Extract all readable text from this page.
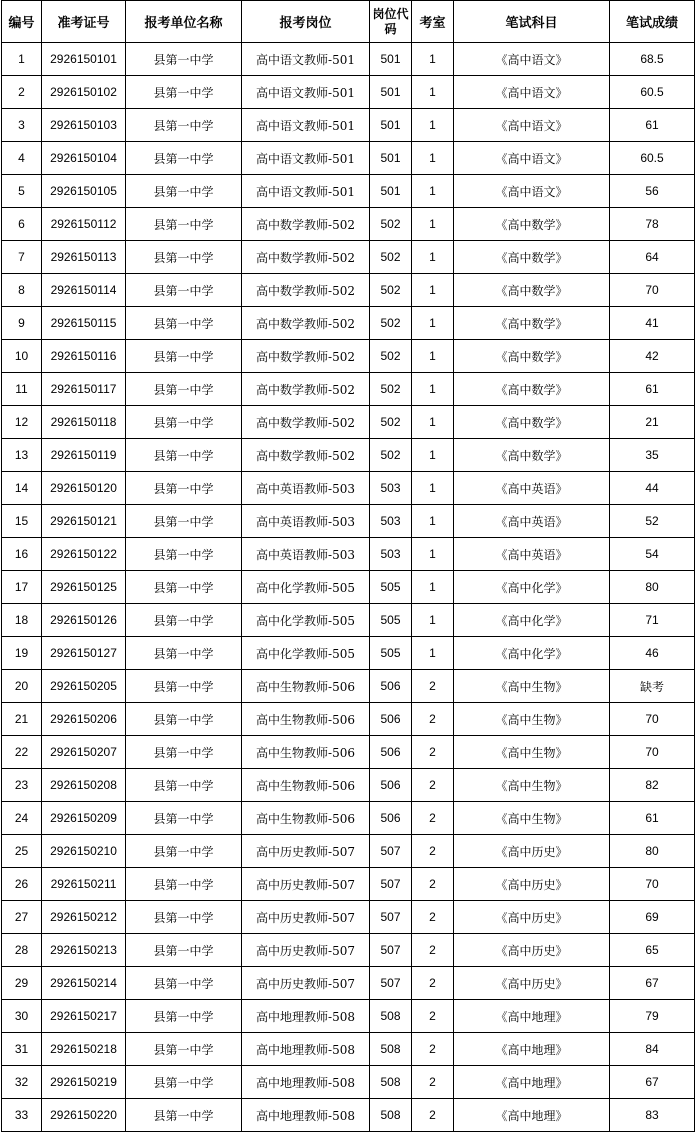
编号	准考证号	报考单位名称	报考岗位	岗位代码	考室	笔试科目	笔试成绩
1	2926150101	县第一中学	高中语文教师-501	501	1	《高中语文》	68.5
2	2926150102	县第一中学	高中语文教师-501	501	1	《高中语文》	60.5
3	2926150103	县第一中学	高中语文教师-501	501	1	《高中语文》	61
4	2926150104	县第一中学	高中语文教师-501	501	1	《高中语文》	60.5
5	2926150105	县第一中学	高中语文教师-501	501	1	《高中语文》	56
6	2926150112	县第一中学	高中数学教师-502	502	1	《高中数学》	78
7	2926150113	县第一中学	高中数学教师-502	502	1	《高中数学》	64
8	2926150114	县第一中学	高中数学教师-502	502	1	《高中数学》	70
9	2926150115	县第一中学	高中数学教师-502	502	1	《高中数学》	41
10	2926150116	县第一中学	高中数学教师-502	502	1	《高中数学》	42
11	2926150117	县第一中学	高中数学教师-502	502	1	《高中数学》	61
12	2926150118	县第一中学	高中数学教师-502	502	1	《高中数学》	21
13	2926150119	县第一中学	高中数学教师-502	502	1	《高中数学》	35
14	2926150120	县第一中学	高中英语教师-503	503	1	《高中英语》	44
15	2926150121	县第一中学	高中英语教师-503	503	1	《高中英语》	52
16	2926150122	县第一中学	高中英语教师-503	503	1	《高中英语》	54
17	2926150125	县第一中学	高中化学教师-505	505	1	《高中化学》	80
18	2926150126	县第一中学	高中化学教师-505	505	1	《高中化学》	71
19	2926150127	县第一中学	高中化学教师-505	505	1	《高中化学》	46
20	2926150205	县第一中学	高中生物教师-506	506	2	《高中生物》	缺考
21	2926150206	县第一中学	高中生物教师-506	506	2	《高中生物》	70
22	2926150207	县第一中学	高中生物教师-506	506	2	《高中生物》	70
23	2926150208	县第一中学	高中生物教师-506	506	2	《高中生物》	82
24	2926150209	县第一中学	高中生物教师-506	506	2	《高中生物》	61
25	2926150210	县第一中学	高中历史教师-507	507	2	《高中历史》	80
26	2926150211	县第一中学	高中历史教师-507	507	2	《高中历史》	70
27	2926150212	县第一中学	高中历史教师-507	507	2	《高中历史》	69
28	2926150213	县第一中学	高中历史教师-507	507	2	《高中历史》	65
29	2926150214	县第一中学	高中历史教师-507	507	2	《高中历史》	67
30	2926150217	县第一中学	高中地理教师-508	508	2	《高中地理》	79
31	2926150218	县第一中学	高中地理教师-508	508	2	《高中地理》	84
32	2926150219	县第一中学	高中地理教师-508	508	2	《高中地理》	67
33	2926150220	县第一中学	高中地理教师-508	508	2	《高中地理》	83
